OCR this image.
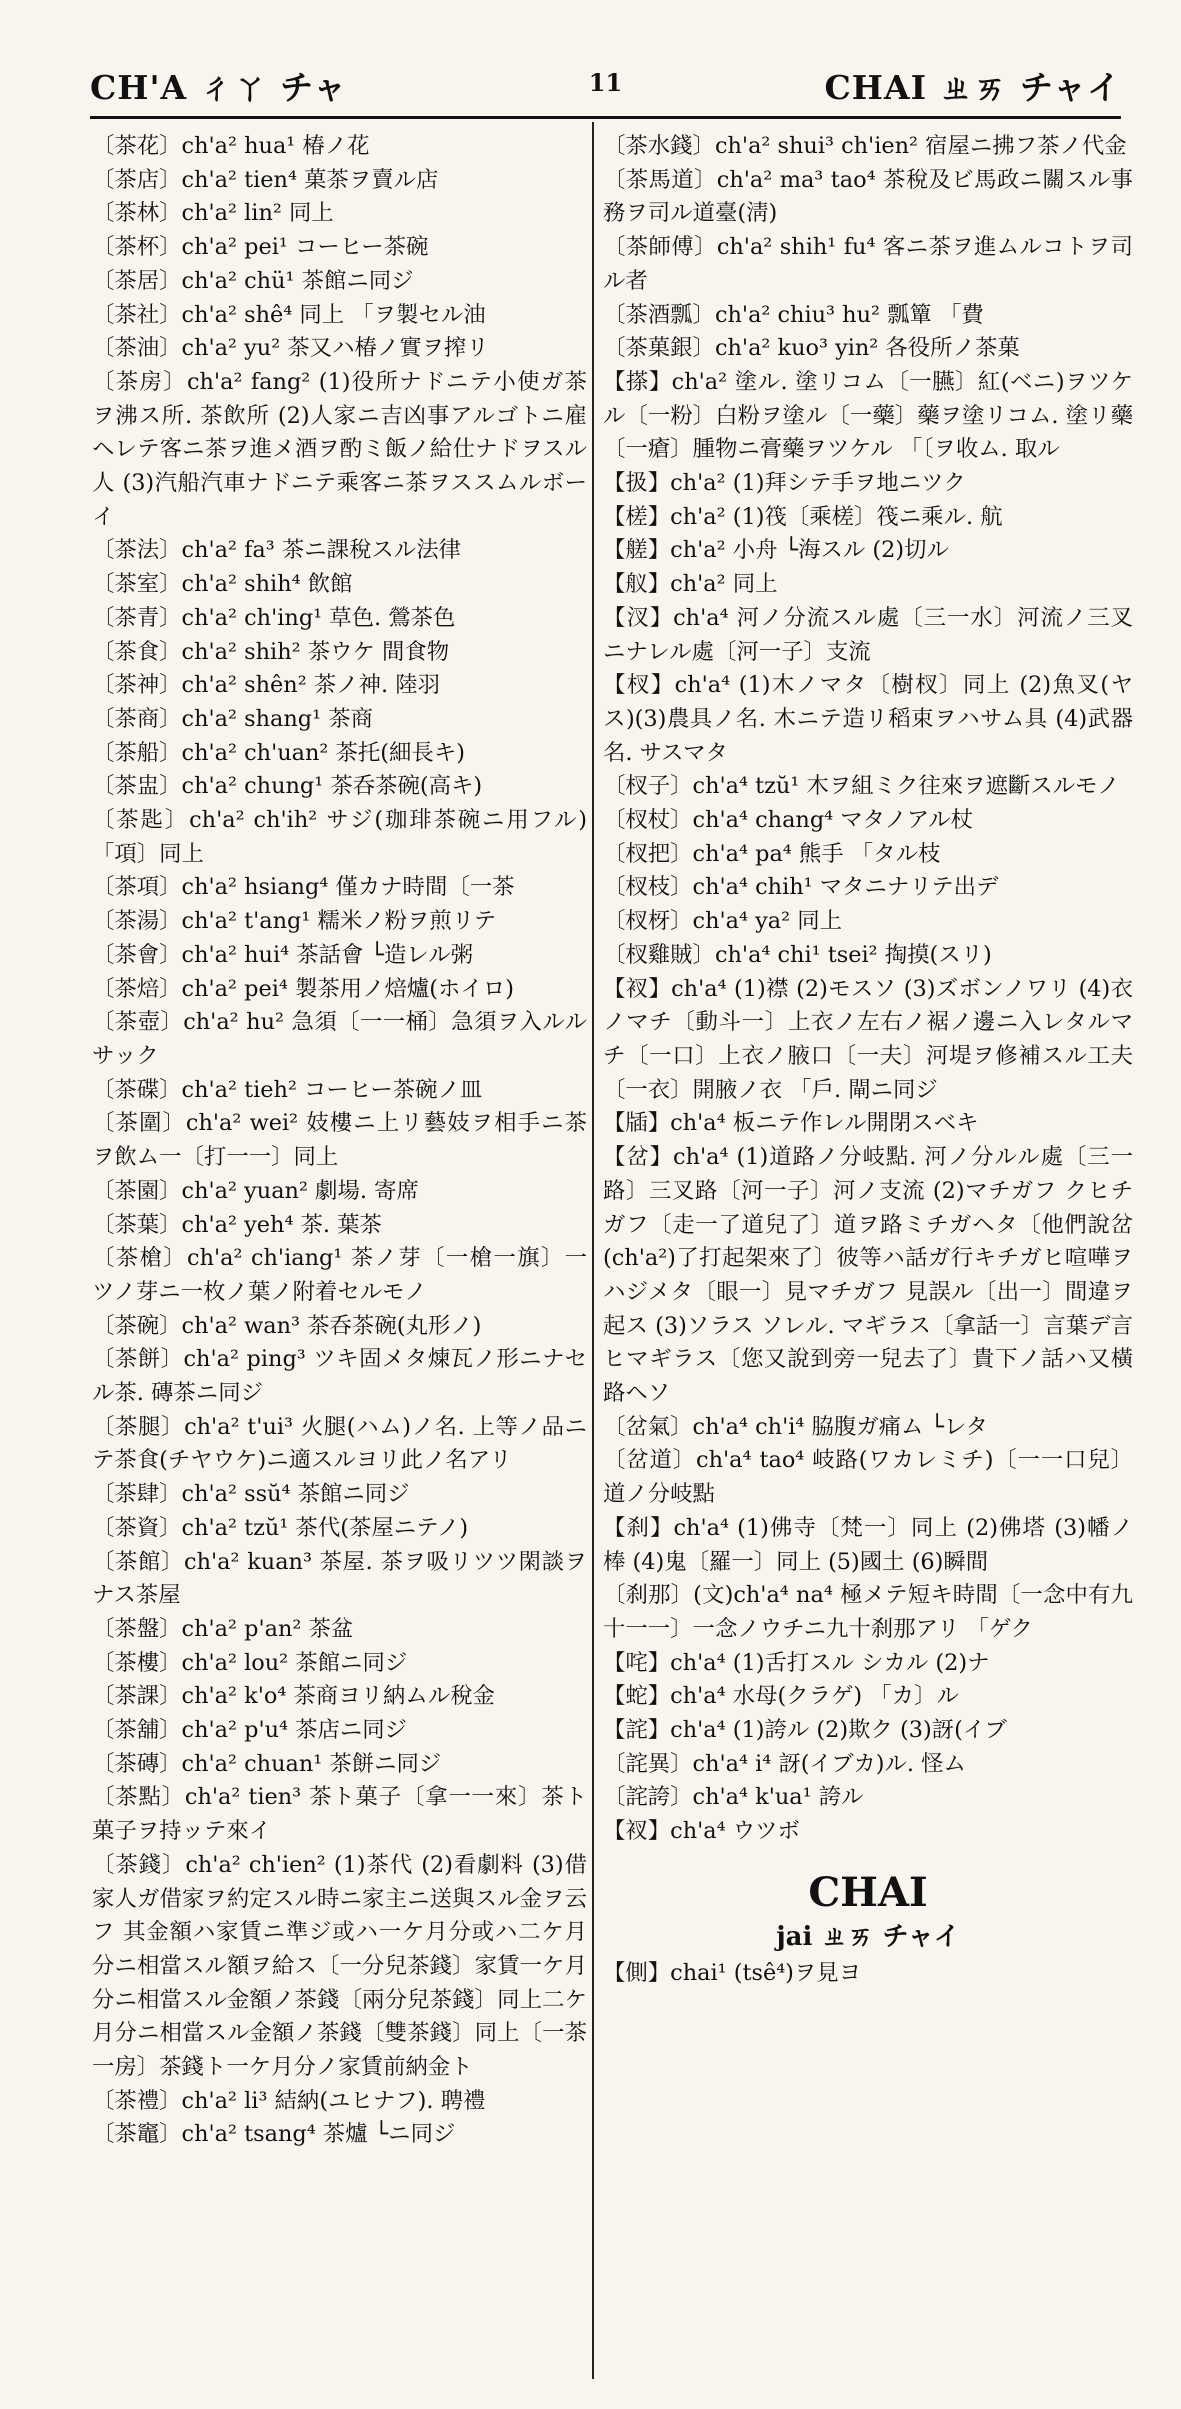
CH'A ㄔㄚ チャ	11	CHAI ㄓㄞ チャイ
〔茶花〕ch'a² hua¹ 椿ノ花
〔茶店〕ch'a² tien⁴ 菓茶ヲ賣ル店
〔茶林〕ch'a² lin² 同上
〔茶杯〕ch'a² pei¹ コーヒー茶碗
〔茶居〕ch'a² chü¹ 茶館ニ同ジ
〔茶社〕ch'a² shê⁴ 同上 「ヲ製セル油
〔茶油〕ch'a² yu² 茶又ハ椿ノ實ヲ搾リ
〔茶房〕ch'a² fang² (1)役所ナドニテ小使ガ茶ヲ沸ス所. 茶飲所 (2)人家ニ吉凶事アルゴトニ雇ヘレテ客ニ茶ヲ進メ酒ヲ酌ミ飯ノ給仕ナドヲスル人 (3)汽船汽車ナドニテ乘客ニ茶ヲススムルボーイ
〔茶法〕ch'a² fa³ 茶ニ課稅スル法律
〔茶室〕ch'a² shih⁴ 飲館
〔茶青〕ch'a² ch'ing¹ 草色. 鶯茶色
〔茶食〕ch'a² shih² 茶ウケ 間食物
〔茶神〕ch'a² shên² 茶ノ神. 陸羽
〔茶商〕ch'a² shang¹ 茶商
〔茶船〕ch'a² ch'uan² 茶托(細長キ)
〔茶盅〕ch'a² chung¹ 茶呑茶碗(高キ)
〔茶匙〕ch'a² ch'ih² サジ(珈琲茶碗ニ用フル) 「項〕同上
〔茶項〕ch'a² hsiang⁴ 僅カナ時間〔一茶
〔茶湯〕ch'a² t'ang¹ 糯米ノ粉ヲ煎リテ
〔茶會〕ch'a² hui⁴ 茶話會 └造レル粥
〔茶焙〕ch'a² pei⁴ 製茶用ノ焙爐(ホイロ)
〔茶壺〕ch'a² hu² 急須〔一一桶〕急須ヲ入ルルサック
〔茶碟〕ch'a² tieh² コーヒー茶碗ノ皿
〔茶圍〕ch'a² wei² 妓樓ニ上リ藝妓ヲ相手ニ茶ヲ飲ム一〔打一一〕同上
〔茶園〕ch'a² yuan² 劇場. 寄席
〔茶葉〕ch'a² yeh⁴ 茶. 葉茶
〔茶槍〕ch'a² ch'iang¹ 茶ノ芽〔一槍一旗〕一ツノ芽ニ一枚ノ葉ノ附着セルモノ
〔茶碗〕ch'a² wan³ 茶呑茶碗(丸形ノ)
〔茶餅〕ch'a² ping³ ツキ固メタ煉瓦ノ形ニナセル茶. 磚茶ニ同ジ
〔茶腿〕ch'a² t'ui³ 火腿(ハム)ノ名. 上等ノ品ニテ茶食(チヤウケ)ニ適スルヨリ此ノ名アリ
〔茶肆〕ch'a² ssŭ⁴ 茶館ニ同ジ
〔茶資〕ch'a² tzŭ¹ 茶代(茶屋ニテノ)
〔茶館〕ch'a² kuan³ 茶屋. 茶ヲ吸リツツ閑談ヲナス茶屋
〔茶盤〕ch'a² p'an² 茶盆
〔茶樓〕ch'a² lou² 茶館ニ同ジ
〔茶課〕ch'a² k'o⁴ 茶商ヨリ納ムル稅金
〔茶舖〕ch'a² p'u⁴ 茶店ニ同ジ
〔茶磚〕ch'a² chuan¹ 茶餅ニ同ジ
〔茶點〕ch'a² tien³ 茶ト菓子〔拿一一來〕茶ト菓子ヲ持ッテ來イ
〔茶錢〕ch'a² ch'ien² (1)茶代 (2)看劇料 (3)借家人ガ借家ヲ約定スル時ニ家主ニ送與スル金ヲ云フ 其金額ハ家賃ニ準ジ或ハ一ケ月分或ハ二ケ月分ニ相當スル額ヲ給ス〔一分兒茶錢〕家賃一ケ月分ニ相當スル金額ノ茶錢〔兩分兒茶錢〕同上二ケ月分ニ相當スル金額ノ茶錢〔雙茶錢〕同上〔一茶一房〕茶錢ト一ケ月分ノ家賃前納金ト
〔茶禮〕ch'a² li³ 結納(ユヒナフ). 聘禮
〔茶竈〕ch'a² tsang⁴ 茶爐 └ニ同ジ
〔茶水錢〕ch'a² shui³ ch'ien² 宿屋ニ拂フ茶ノ代金
〔茶馬道〕ch'a² ma³ tao⁴ 茶稅及ビ馬政ニ關スル事務ヲ司ル道臺(淸)
〔茶師傅〕ch'a² shih¹ fu⁴ 客ニ茶ヲ進ムルコトヲ司ル者
〔茶酒瓢〕ch'a² chiu³ hu² 瓢簞 「費
〔茶菓銀〕ch'a² kuo³ yin² 各役所ノ茶菓
【搽】ch'a² 塗ル. 塗リコム〔一臙〕紅(ベニ)ヲツケル〔一粉〕白粉ヲ塗ル〔一藥〕藥ヲ塗リコム. 塗リ藥〔一瘡〕腫物ニ膏藥ヲツケル 「〔ヲ收ム. 取ル
【扱】ch'a² (1)拜シテ手ヲ地ニツク
【槎】ch'a² (1)筏〔乘槎〕筏ニ乘ル. 航
【艖】ch'a² 小舟 └海スル (2)切ル
【舣】ch'a² 同上
【汊】ch'a⁴ 河ノ分流スル處〔三一水〕河流ノ三叉ニナレル處〔河一子〕支流
【杈】ch'a⁴ (1)木ノマタ〔樹杈〕同上 (2)魚叉(ヤス)(3)農具ノ名. 木ニテ造リ稻束ヲハサム具 (4)武器名. サスマタ
〔杈子〕ch'a⁴ tzŭ¹ 木ヲ組ミク往來ヲ遮斷スルモノ
〔杈杖〕ch'a⁴ chang⁴ マタノアル杖
〔杈把〕ch'a⁴ pa⁴ 熊手 「タル枝
〔杈枝〕ch'a⁴ chih¹ マタニナリテ出デ
〔杈枒〕ch'a⁴ ya² 同上
〔杈雞賊〕ch'a⁴ chi¹ tsei² 掏摸(スリ)
【衩】ch'a⁴ (1)襟 (2)モスソ (3)ズボンノワリ (4)衣ノマチ〔動斗一〕上衣ノ左右ノ裾ノ邊ニ入レタルマチ〔一口〕上衣ノ腋口〔一夫〕河堤ヲ修補スル工夫〔一衣〕開腋ノ衣 「戶. 閘ニ同ジ
【牐】ch'a⁴ 板ニテ作レル開閉スベキ
【岔】ch'a⁴ (1)道路ノ分岐點. 河ノ分ルル處〔三一路〕三叉路〔河一子〕河ノ支流 (2)マチガフ クヒチガフ〔走一了道兒了〕道ヲ路ミチガヘタ〔他們說岔(ch'a²)了打起架來了〕彼等ハ話ガ行キチガヒ喧嘩ヲハジメタ〔眼一〕見マチガフ 見誤ル〔出一〕間違ヲ起ス (3)ソラス ソレル. マギラス〔拿話一〕言葉デ言ヒマギラス〔您又說到旁一兒去了〕貴下ノ話ハ又橫路ヘソ
〔岔氣〕ch'a⁴ ch'i⁴ 脇腹ガ痛ム └レタ
〔岔道〕ch'a⁴ tao⁴ 岐路(ワカレミチ)〔一一口兒〕道ノ分岐點
【刹】ch'a⁴ (1)佛寺〔梵一〕同上 (2)佛塔 (3)幡ノ棒 (4)鬼〔羅一〕同上 (5)國土 (6)瞬間
〔刹那〕(文)ch'a⁴ na⁴ 極メテ短キ時間〔一念中有九十一一〕一念ノウチニ九十刹那アリ 「ゲク
【咤】ch'a⁴ (1)舌打スル シカル (2)ナ
【蛇】ch'a⁴ 水母(クラゲ) 「カ〕ル
【詫】ch'a⁴ (1)誇ル (2)欺ク (3)訝(イブ
〔詫異〕ch'a⁴ i⁴ 訝(イブカ)ル. 怪ム
〔詫誇〕ch'a⁴ k'ua¹ 誇ル
【衩】ch'a⁴ ウツボ
CHAI
jai ㄓㄞ チャイ
【側】chai¹ (tsê⁴)ヲ見ヨ
